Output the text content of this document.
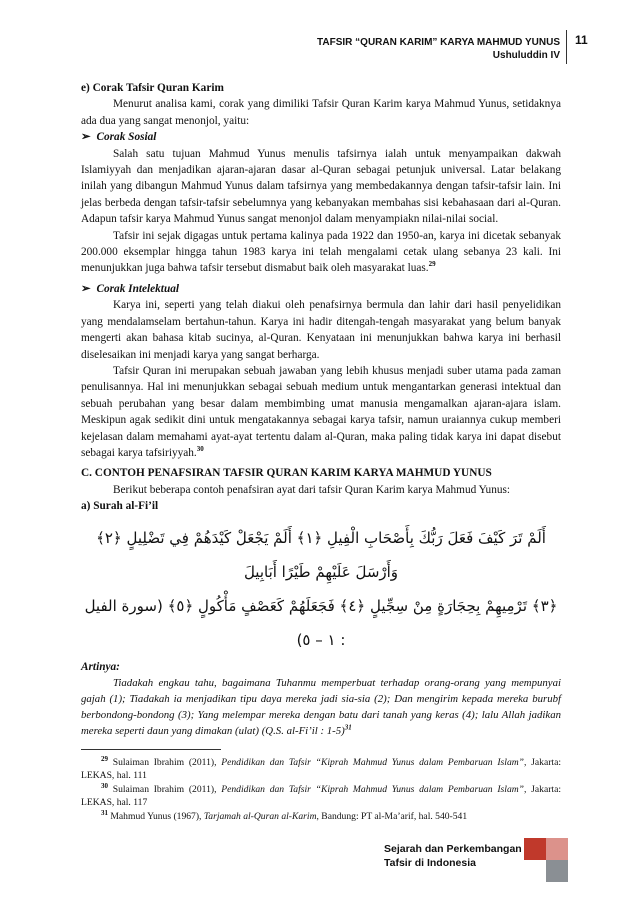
TAFSIR “QURAN KARIM” KARYA MAHMUD YUNUS
Ushuluddin IV
11

e) Corak Tafsir Quran Karim

Menurut analisa kami, corak yang dimiliki Tafsir Quran Karim karya Mahmud Yunus, setidaknya ada dua yang sangat menonjol, yaitu:

➢ Corak Sosial

Salah satu tujuan Mahmud Yunus menulis tafsirnya ialah untuk menyampaikan dakwah Islamiyyah dan menjadikan ajaran-ajaran dasar al-Quran sebagai petunjuk universal. Latar belakang inilah yang dibangun Mahmud Yunus dalam tafsirnya yang membedakannya dengan tafsir-tafsir lain. Ini jelas berbeda dengan tafsir-tafsir sebelumnya yang kebanyakan membahas sisi kebahasaan dari al-Quran. Adapun tafsir karya Mahmud Yunus sangat menonjol dalam menyampiakn nilai-nilai social.

Tafsir ini sejak digagas untuk pertama kalinya pada 1922 dan 1950-an, karya ini dicetak sebanyak 200.000 eksemplar hingga tahun 1983 karya ini telah mengalami cetak ulang sebanya 23 kali. Ini menunjukkan juga bahwa tafsir tersebut dismabut baik oleh masyarakat luas.$^{29}$

➢ Corak Intelektual

Karya ini, seperti yang telah diakui oleh penafsirnya bermula dan lahir dari hasil penyelidikan yang mendalamselam bertahun-tahun. Karya ini hadir ditengah-tengah masyarakat yang belum banyak mengerti akan bahasa kitab sucinya, al-Quran. Kenyataan ini menunjukkan bahwa karya ini berhasil diselesaikan ini menjadi karya yang sangat berharga.

Tafsir Quran ini merupakan sebuah jawaban yang lebih khusus menjadi suber utama pada zaman penulisannya. Hal ini menunjukkan sebagai sebuah medium untuk mengantarkan generasi intektual dan sebuah perubahan yang besar dalam membimbing umat manusia mengamalkan ajaran-ajara islam. Meskipun agak sedikit dini untuk mengatakannya sebagai karya tafsir, namun uraiannya cukup memberi kejelasan dalam memahami ayat-ayat tertentu dalam al-Quran, maka paling tidak karya ini dapat disebut sebagai karya tafsiriyyah.$^{30}$

C. CONTOH PENAFSIRAN TAFSIR QURAN KARIM KARYA MAHMUD YUNUS

Berikut beberapa contoh penafsiran ayat dari tafsir Quran Karim karya Mahmud Yunus:

a) Surah al-Fi’il

أَلَمْ تَرَ كَيْفَ فَعَلَ رَبُّكَ بِأَصْحَابِ الْفِيلِ ﴿١﴾ أَلَمْ يَجْعَلْ كَيْدَهُمْ فِي تَضْلِيلٍ ﴿٢﴾ وَأَرْسَلَ عَلَيْهِمْ طَيْرًا أَبَابِيلَ
﴿٣﴾ تَرْمِيهِمْ بِحِجَارَةٍ مِنْ سِجِّيلٍ ﴿٤﴾ فَجَعَلَهُمْ كَعَصْفٍ مَأْكُولٍ ﴿٥﴾ (سورة الفيل : ١ – ٥)

Artinya:

Tiadakah engkau tahu, bagaimana Tuhanmu memperbuat terhadap orang-orang yang mempunyai gajah (1); Tiadakah ia menjadikan tipu daya mereka jadi sia-sia (2); Dan mengirim kepada mereka burubf berbondong-bondong (3); Yang melempar mereka dengan batu dari tanah yang keras (4); lalu Allah jadikan mereka seperti daun yang dimakan (ulat) (Q.S. al-Fi’il : 1-5)$^{31}$

$^{29}$ Sulaiman Ibrahim (2011), Pendidikan dan Tafsir “Kiprah Mahmud Yunus dalam Pembaruan Islam”, Jakarta: LEKAS, hal. 111

$^{30}$ Sulaiman Ibrahim (2011), Pendidikan dan Tafsir “Kiprah Mahmud Yunus dalam Pembaruan Islam”, Jakarta: LEKAS, hal. 117

$^{31}$ Mahmud Yunus (1967), Tarjamah al-Quran al-Karim, Bandung: PT al-Ma’arif, hal. 540-541

Sejarah dan Perkembangan
Tafsir di Indonesia
